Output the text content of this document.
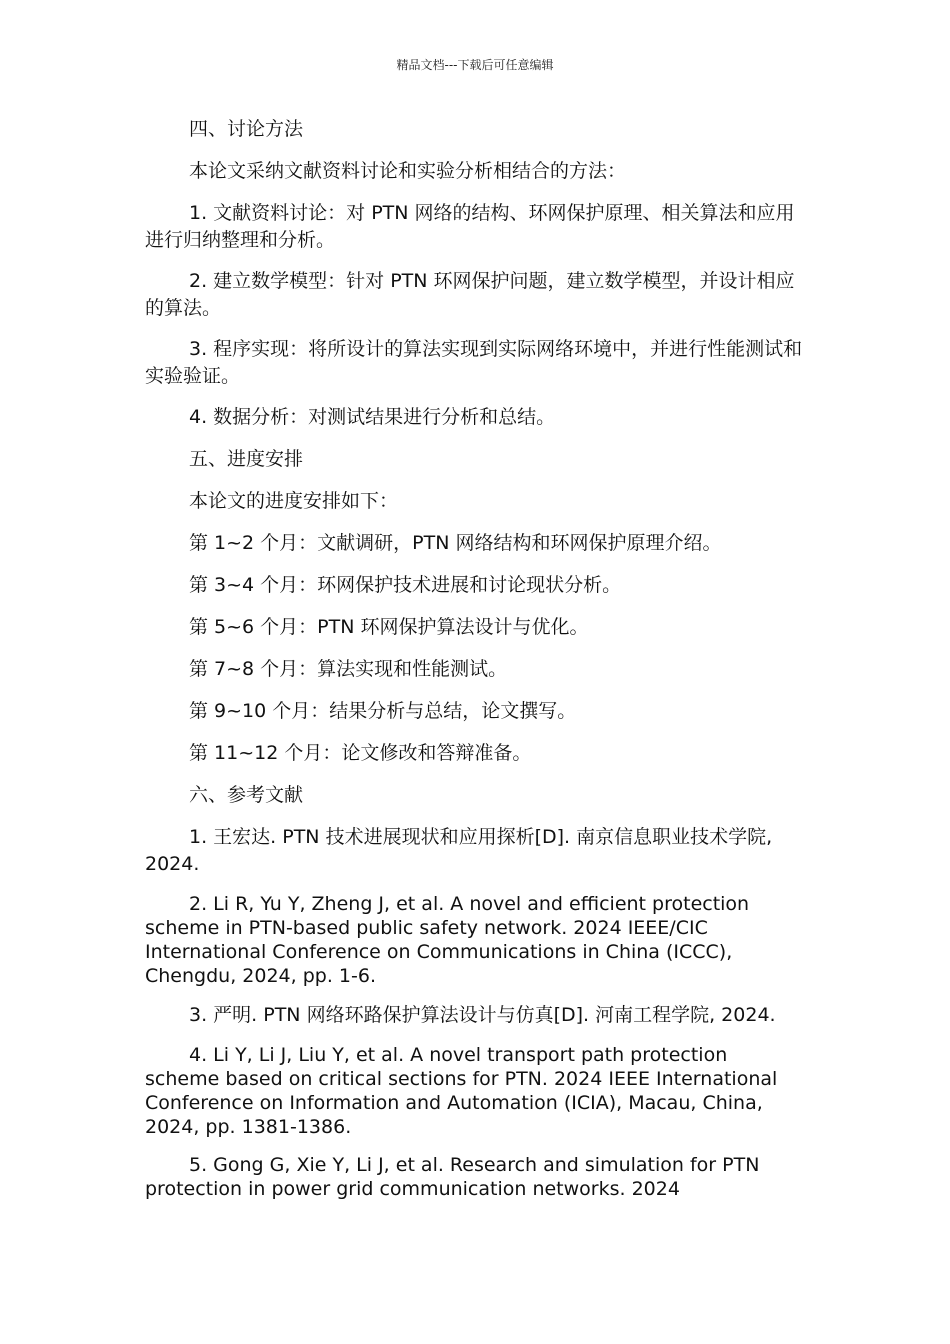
精品文档---下载后可任意编辑

四、讨论方法

本论文采纳文献资料讨论和实验分析相结合的方法：

1. 文献资料讨论：对 PTN 网络的结构、环网保护原理、相关算法和应用进行归纳整理和分析。

2. 建立数学模型：针对 PTN 环网保护问题，建立数学模型，并设计相应的算法。

3. 程序实现：将所设计的算法实现到实际网络环境中，并进行性能测试和实验验证。

4. 数据分析：对测试结果进行分析和总结。

五、进度安排

本论文的进度安排如下：

第 1~2 个月：文献调研，PTN 网络结构和环网保护原理介绍。

第 3~4 个月：环网保护技术进展和讨论现状分析。

第 5~6 个月：PTN 环网保护算法设计与优化。

第 7~8 个月：算法实现和性能测试。

第 9~10 个月：结果分析与总结，论文撰写。

第 11~12 个月：论文修改和答辩准备。

六、参考文献

1. 王宏达. PTN 技术进展现状和应用探析[D]. 南京信息职业技术学院, 2024.

2. Li R, Yu Y, Zheng J, et al. A novel and efficient protection scheme in PTN-based public safety network. 2024 IEEE/CIC International Conference on Communications in China (ICCC), Chengdu, 2024, pp. 1-6.

3. 严明. PTN 网络环路保护算法设计与仿真[D]. 河南工程学院, 2024.

4. Li Y, Li J, Liu Y, et al. A novel transport path protection scheme based on critical sections for PTN. 2024 IEEE International Conference on Information and Automation (ICIA), Macau, China, 2024, pp. 1381-1386.

5. Gong G, Xie Y, Li J, et al. Research and simulation for PTN protection in power grid communication networks. 2024
